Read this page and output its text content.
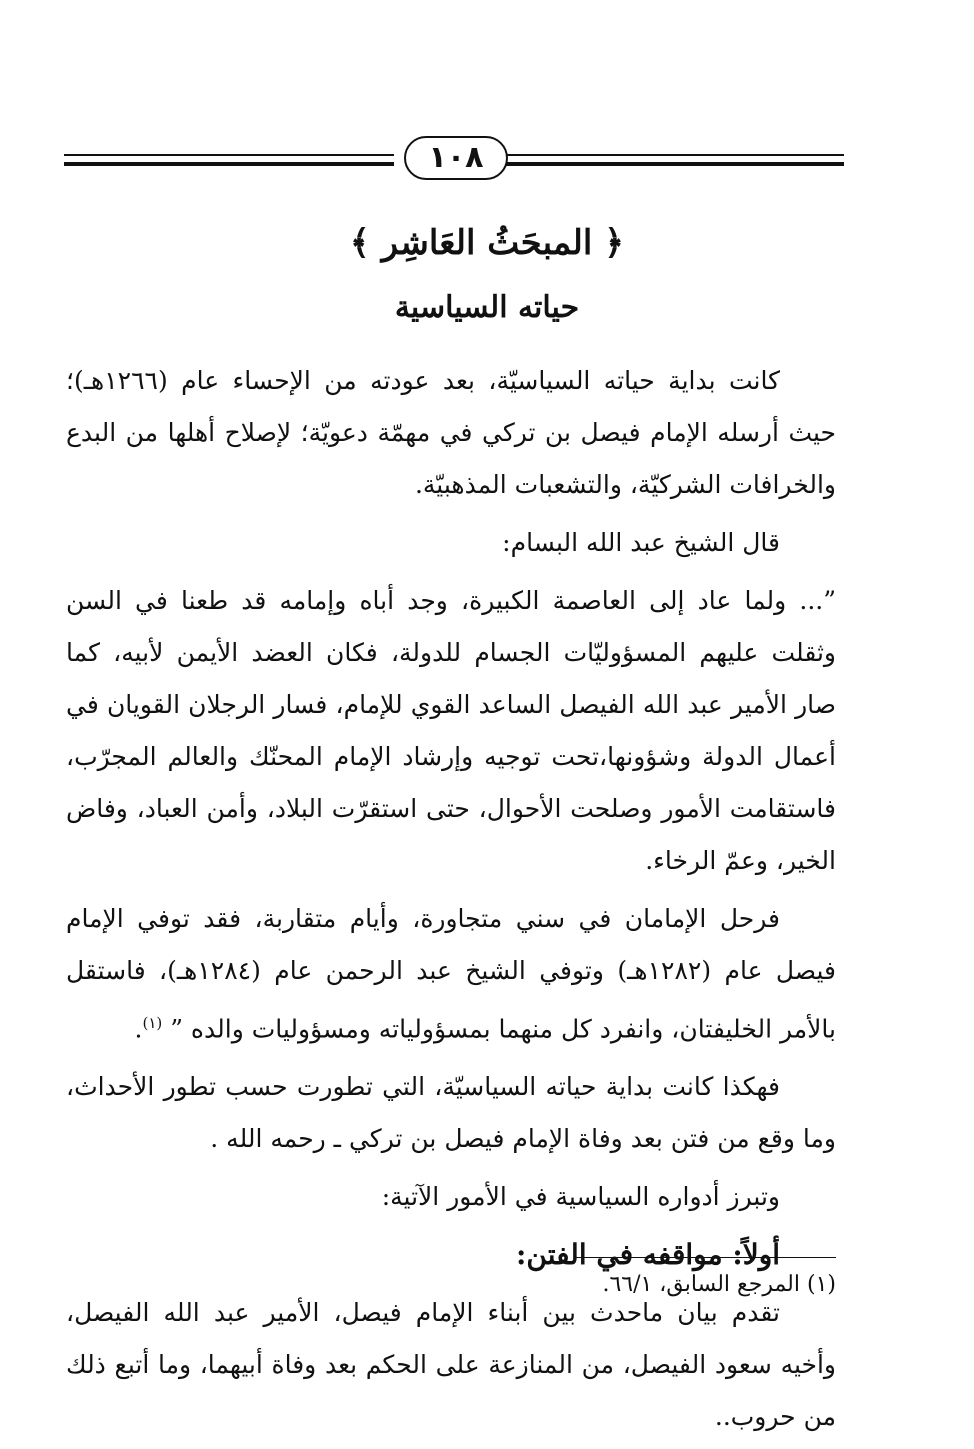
١٠٨
﴿ المبحَثُ العَاشِر ﴾
حياته السياسية

كانت بداية حياته السياسيّة، بعد عودته من الإحساء عام (١٢٦٦هـ)؛ حيث أرسله الإمام فيصل بن تركي في مهمّة دعويّة؛ لإصلاح أهلها من البدع والخرافات الشركيّة، والتشعبات المذهبيّة.

قال الشيخ عبد الله البسام:

”... ولما عاد إلى العاصمة الكبيرة، وجد أباه وإمامه قد طعنا في السن وثقلت عليهم المسؤوليّات الجسام للدولة، فكان العضد الأيمن لأبيه، كما صار الأمير عبد الله الفيصل الساعد القوي للإمام، فسار الرجلان القويان في أعمال الدولة وشؤونها،تحت توجيه وإرشاد الإمام المحنّك والعالم المجرّب، فاستقامت الأمور وصلحت الأحوال، حتى استقرّت البلاد، وأمن العباد، وفاض الخير، وعمّ الرخاء.

فرحل الإمامان في سني متجاورة، وأيام متقاربة، فقد توفي الإمام فيصل عام (١٢٨٢هـ) وتوفي الشيخ عبد الرحمن عام (١٢٨٤هـ)، فاستقل بالأمر الخليفتان، وانفرد كل منهما بمسؤولياته ومسؤوليات والده ” $^{(١)}$.

فهكذا كانت بداية حياته السياسيّة، التي تطورت حسب تطور الأحداث، وما وقع من فتن بعد وفاة الإمام فيصل بن تركي ـ رحمه الله .

وتبرز أدواره السياسية في الأمور الآتية:

أولاً: مواقفه في الفتن:

تقدم بيان ماحدث بين أبناء الإمام فيصل، الأمير عبد الله الفيصل، وأخيه سعود الفيصل، من المنازعة على الحكم بعد وفاة أبيهما، وما أتبع ذلك من حروب..

(١) المرجع السابق، ٦٦/١.
